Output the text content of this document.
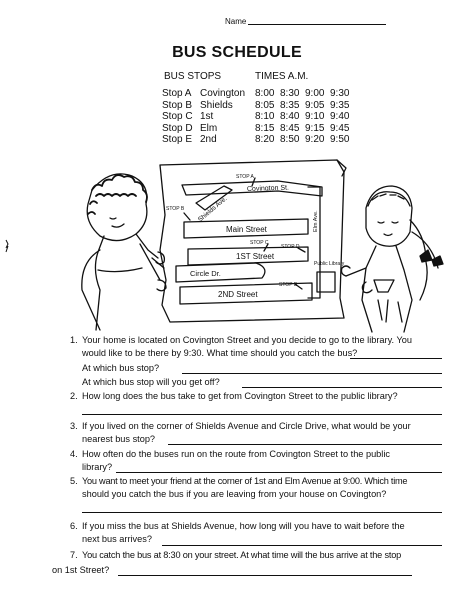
Name
BUS SCHEDULE
BUS STOPS	TIMES A.M.
Stop A Covington 8:00 8:30 9:00 9:30
Stop B Shields 8:05 8:35 9:05 9:35
Stop C 1st	8:10 8:40 9:10 9:40
Stop D Elm	8:15 8:45 9:15 9:45
Stop E 2nd	8:20 8:50 9:20 9:50
Covington St.
Main Street
1ST Street
Circle Dr.
2ND Street
Shields Ave.	Elm Ave.
Public Library
STOP A
STOP B
STOP C
STOP D
STOP E
1. Your home is located on Covington Street and you decide to go to the library. You
would like to be there by 9:30. What time should you catch the bus?
At which bus stop?
At which bus stop will you get off?
2. How long does the bus take to get from Covington Street to the public library?
3. If you lived on the corner of Shields Avenue and Circle Drive, what would be your
nearest bus stop?
4. How often do the buses run on the route from Covington Street to the public
library?
5. You want to meet your friend at the corner of 1st and Elm Avenue at 9:00. Which time
should you catch the bus if you are leaving from your house on Covington?
6. If you miss the bus at Shields Avenue, how long will you have to wait before the
next bus arrives?
7. You catch the bus at 8:30 on your street. At what time will the bus arrive at the stop
on 1st Street?
